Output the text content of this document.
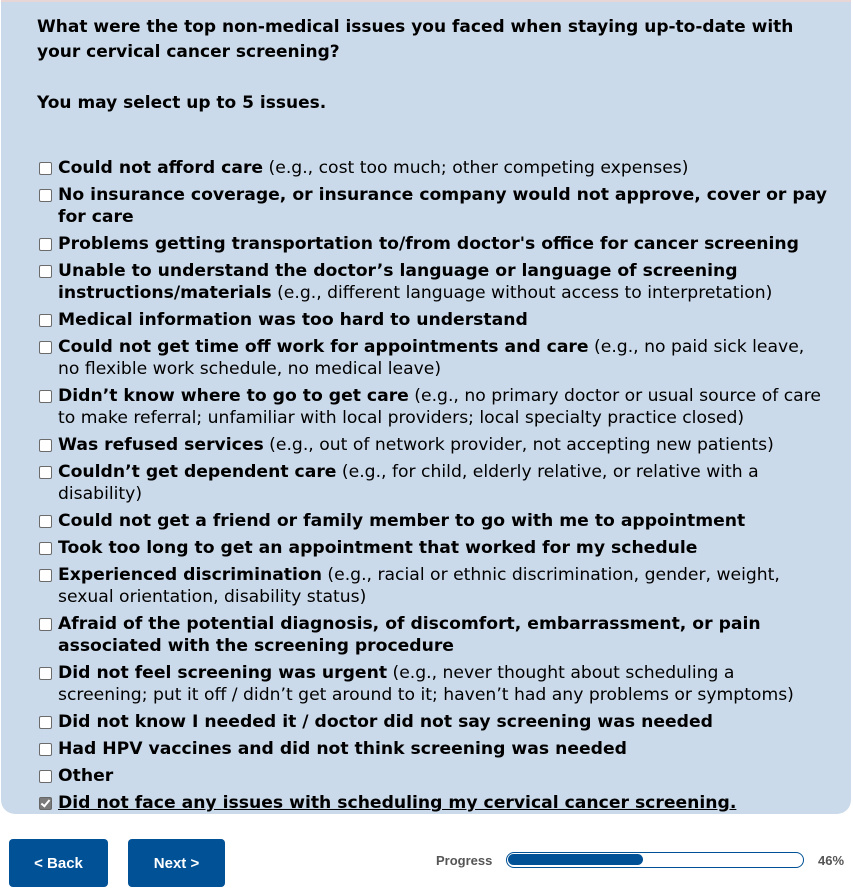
What were the top non-medical issues you faced when staying up-to-date with your cervical cancer screening?
You may select up to 5 issues.
Could not afford care (e.g., cost too much; other competing expenses)
No insurance coverage, or insurance company would not approve, cover or pay for care
Problems getting transportation to/from doctor's office for cancer screening
Unable to understand the doctor’s language or language of screening instructions/materials (e.g., different language without access to interpretation)
Medical information was too hard to understand
Could not get time off work for appointments and care (e.g., no paid sick leave, no flexible work schedule, no medical leave)
Didn’t know where to go to get care (e.g., no primary doctor or usual source of care to make referral; unfamiliar with local providers; local specialty practice closed)
Was refused services (e.g., out of network provider, not accepting new patients)
Couldn’t get dependent care (e.g., for child, elderly relative, or relative with a disability)
Could not get a friend or family member to go with me to appointment
Took too long to get an appointment that worked for my schedule
Experienced discrimination (e.g., racial or ethnic discrimination, gender, weight, sexual orientation, disability status)
Afraid of the potential diagnosis, of discomfort, embarrassment, or pain associated with the screening procedure
Did not feel screening was urgent (e.g., never thought about scheduling a screening; put it off / didn’t get around to it; haven’t had any problems or symptoms)
Did not know I needed it / doctor did not say screening was needed
Had HPV vaccines and did not think screening was needed
Other
Did not face any issues with scheduling my cervical cancer screening.
< Back	Next >	Progress	46%
